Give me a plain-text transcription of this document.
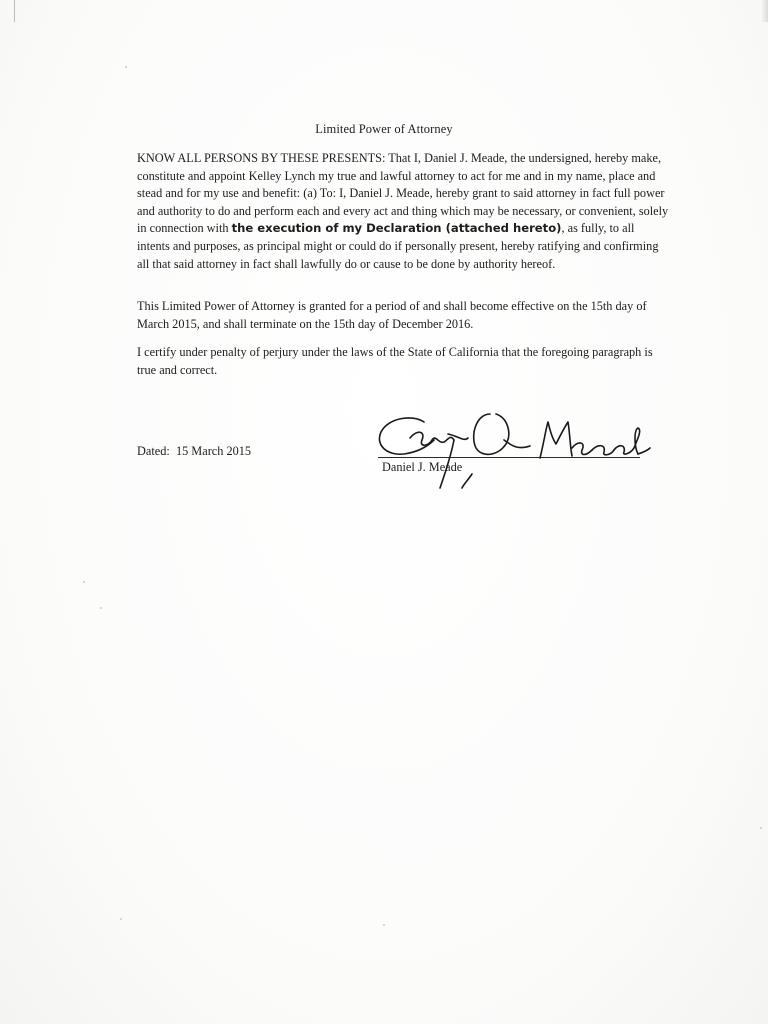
Limited Power of Attorney

KNOW ALL PERSONS BY THESE PRESENTS: That I, Daniel J. Meade, the undersigned, hereby make, constitute and appoint Kelley Lynch my true and lawful attorney to act for me and in my name, place and stead and for my use and benefit: (a) To: I, Daniel J. Meade, hereby grant to said attorney in fact full power and authority to do and perform each and every act and thing which may be necessary, or convenient, solely in connection with the execution of my Declaration (attached hereto), as fully, to all intents and purposes, as principal might or could do if personally present, hereby ratifying and confirming all that said attorney in fact shall lawfully do or cause to be done by authority hereof.

This Limited Power of Attorney is granted for a period of and shall become effective on the 15th day of March 2015, and shall terminate on the 15th day of December 2016.

I certify under penalty of perjury under the laws of the State of California that the foregoing paragraph is true and correct.

Dated: 15 March 2015
Daniel J. Meade
